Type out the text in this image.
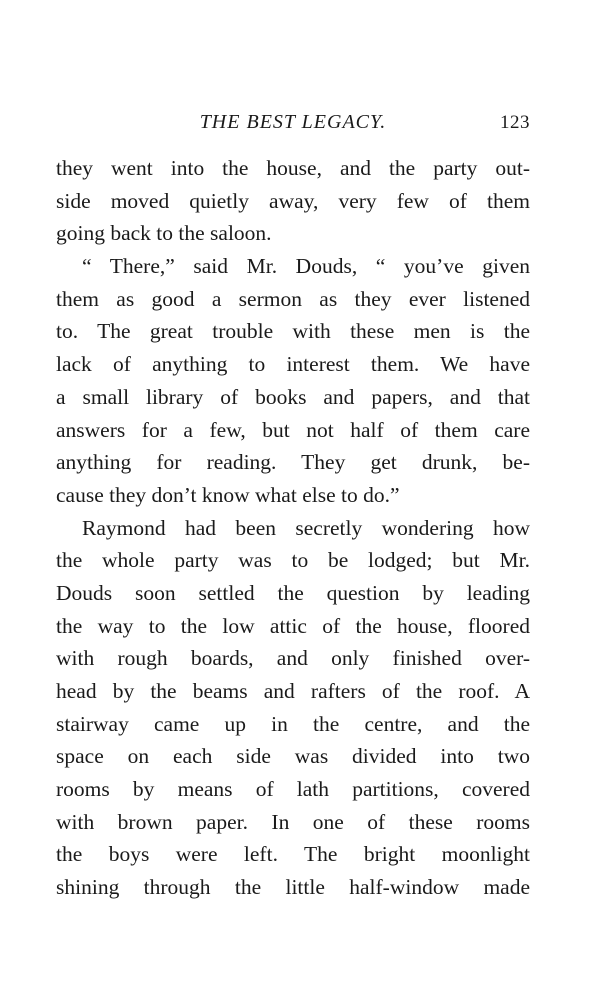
THE BEST LEGACY.	123
they went into the house, and the party out-
side moved quietly away, very few of them
going back to the saloon.
“ There,” said Mr. Douds, “ you’ve given
them as good a sermon as they ever listened
to. The great trouble with these men is the
lack of anything to interest them. We have
a small library of books and papers, and that
answers for a few, but not half of them care
anything for reading. They get drunk, be-
cause they don’t know what else to do.”
Raymond had been secretly wondering how
the whole party was to be lodged; but Mr.
Douds soon settled the question by leading
the way to the low attic of the house, floored
with rough boards, and only finished over-
head by the beams and rafters of the roof. A
stairway came up in the centre, and the
space on each side was divided into two
rooms by means of lath partitions, covered
with brown paper. In one of these rooms
the boys were left. The bright moonlight
shining through the little half-window made
